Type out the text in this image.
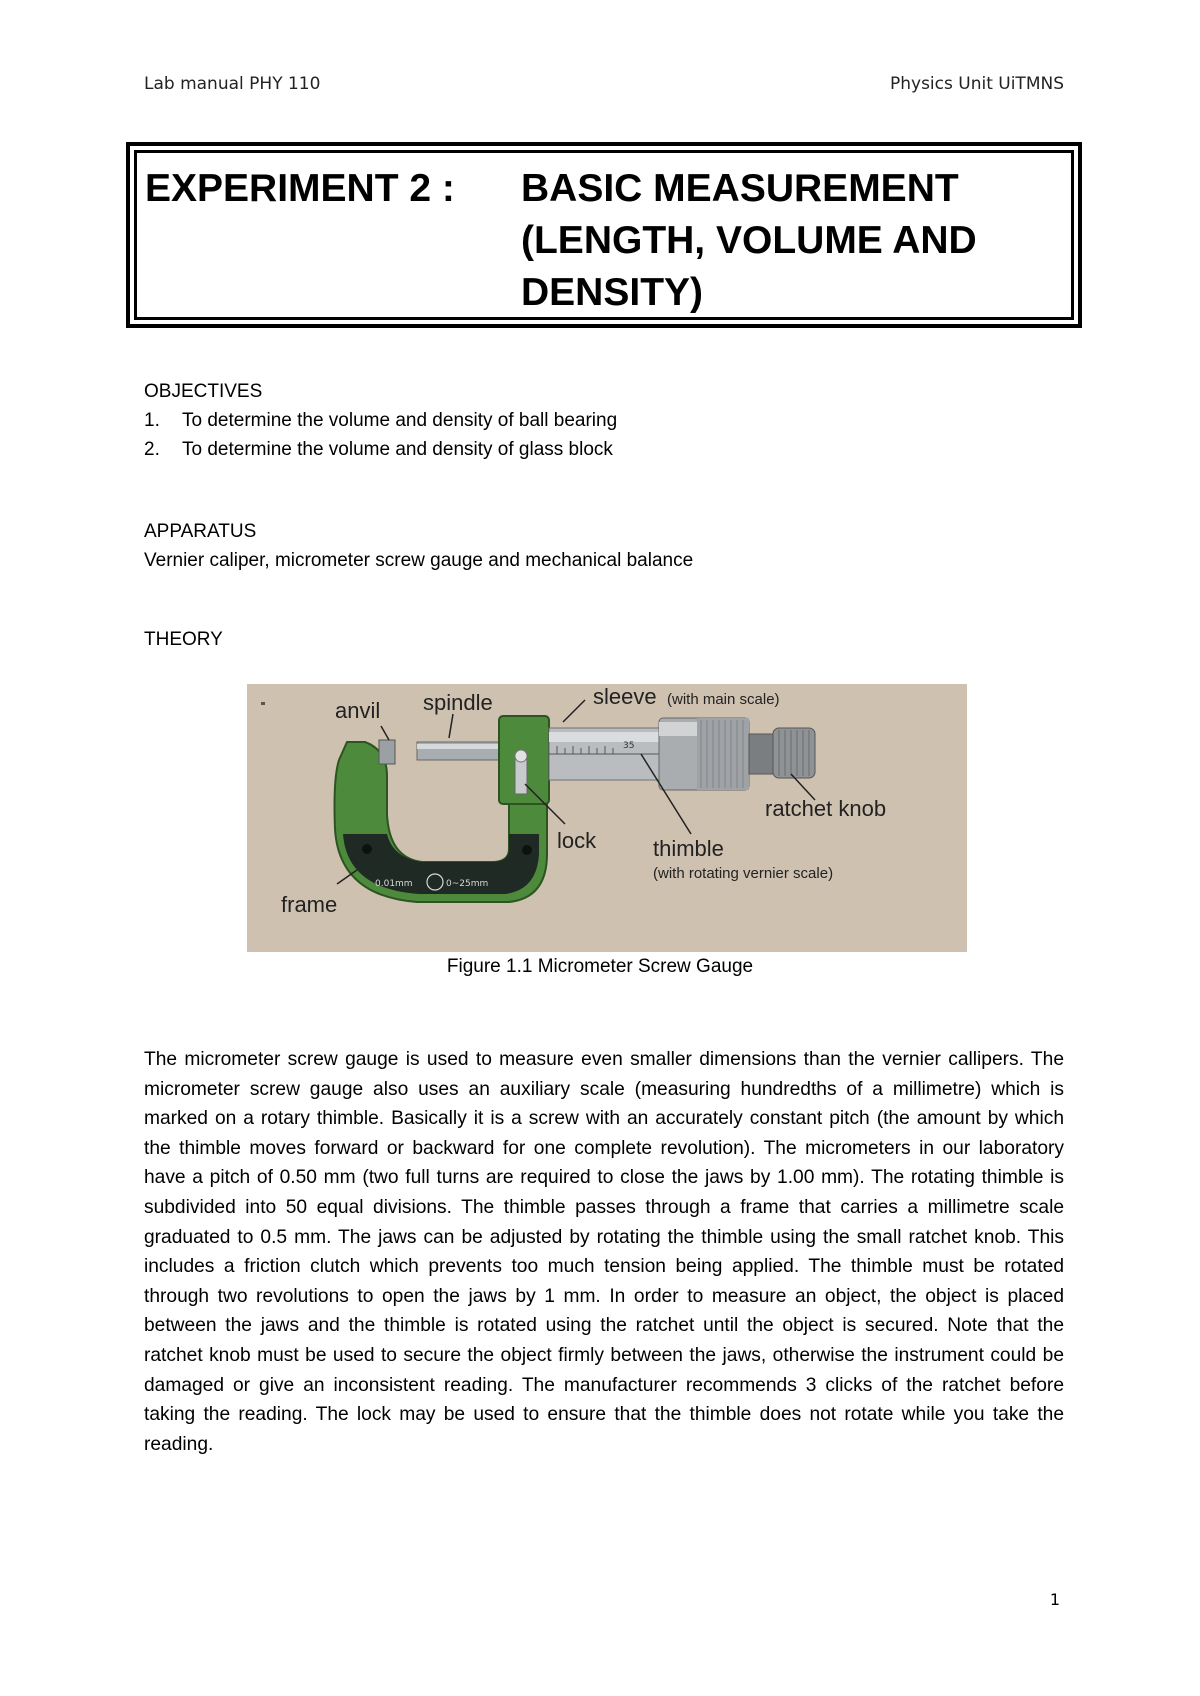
Lab manual PHY 110	Physics Unit UiTMNS
EXPERIMENT 2 : BASIC MEASUREMENT
(LENGTH, VOLUME AND
DENSITY)
OBJECTIVES
1.	To determine the volume and density of ball bearing
2.	To determine the volume and density of glass block
APPARATUS
Vernier caliper, micrometer screw gauge and mechanical balance
THEORY
0.01mm	0~25mm
35
anvil spindle	sleeve (with main scale)
ratchet knob
lock	thimble
(with rotating vernier scale)
frame
Figure 1.1 Micrometer Screw Gauge
The micrometer screw gauge is used to measure even smaller dimensions than the vernier callipers. The micrometer screw gauge also uses an auxiliary scale (measuring hundredths of a millimetre) which is marked on a rotary thimble. Basically it is a screw with an accurately constant pitch (the amount by which the thimble moves forward or backward for one complete revolution). The micrometers in our laboratory have a pitch of 0.50 mm (two full turns are required to close the jaws by 1.00 mm). The rotating thimble is subdivided into 50 equal divisions. The thimble passes through a frame that carries a millimetre scale graduated to 0.5 mm. The jaws can be adjusted by rotating the thimble using the small ratchet knob. This includes a friction clutch which prevents too much tension being applied. The thimble must be rotated through two revolutions to open the jaws by 1 mm. In order to measure an object, the object is placed between the jaws and the thimble is rotated using the ratchet until the object is secured. Note that the ratchet knob must be used to secure the object firmly between the jaws, otherwise the instrument could be damaged or give an inconsistent reading. The manufacturer recommends 3 clicks of the ratchet before taking the reading. The lock may be used to ensure that the thimble does not rotate while you take the reading.
1
